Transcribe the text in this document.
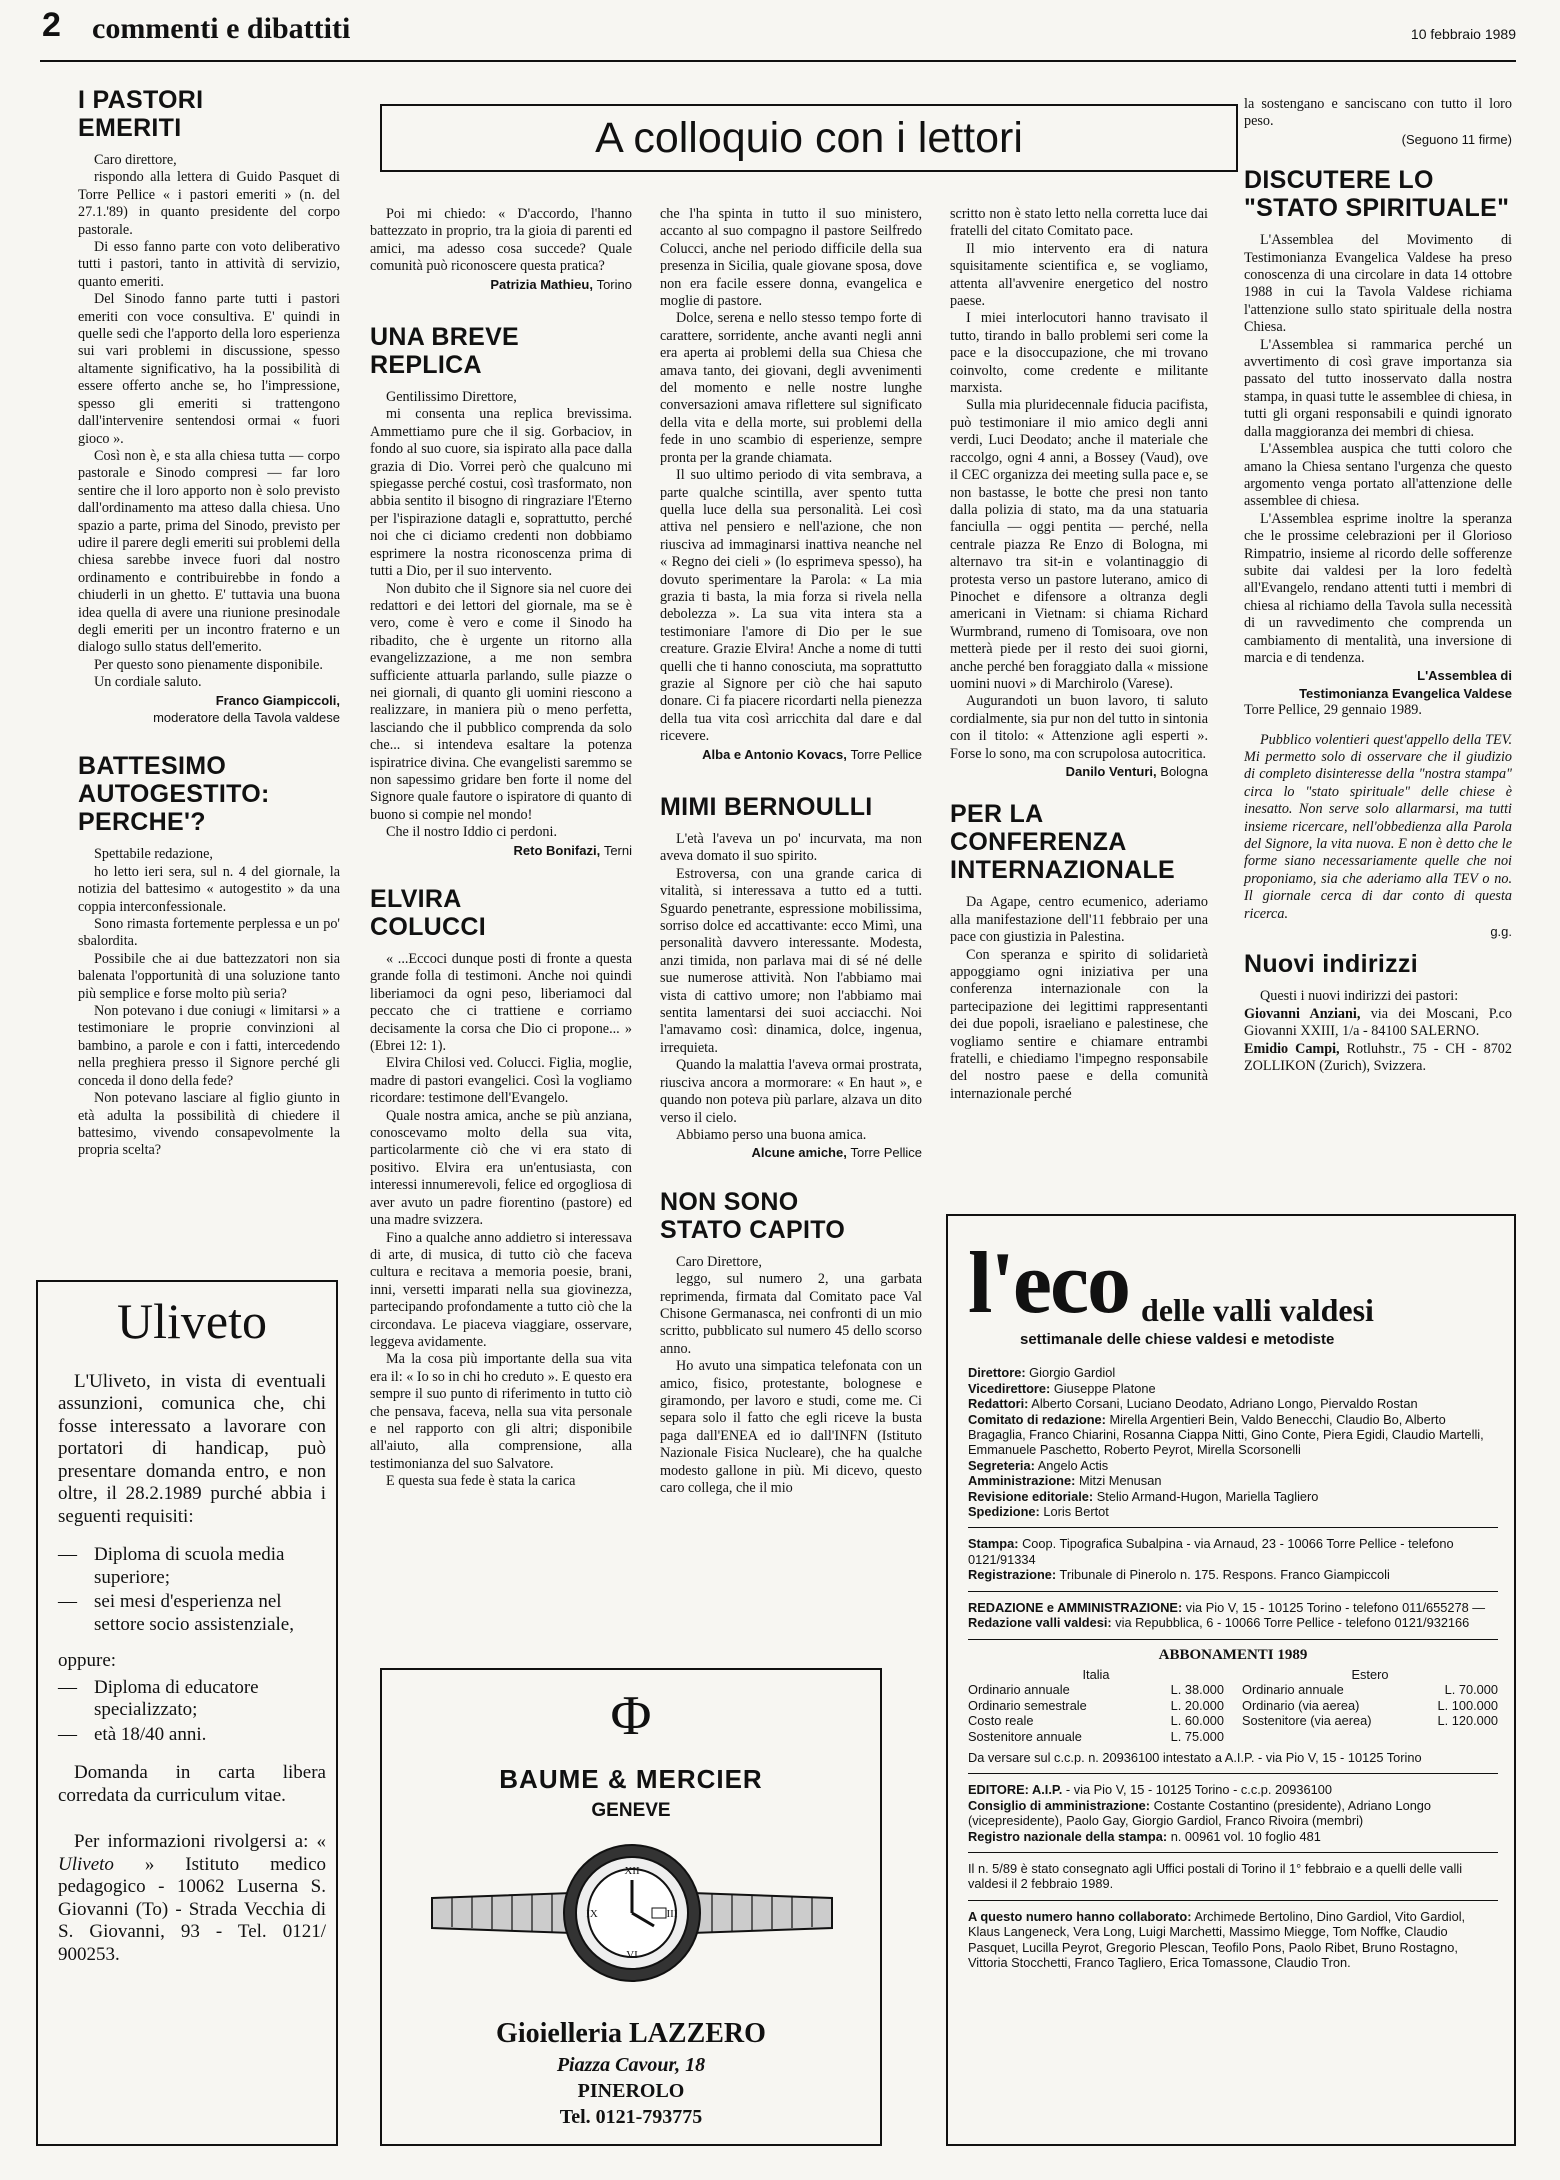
2 commenti e dibattiti	10 febbraio 1989
A colloquio con i lettori
I PASTORI EMERITI

Caro direttore,

rispondo alla lettera di Guido Pasquet di Torre Pellice « i pastori emeriti » (n. del 27.1.'89) in quanto presidente del corpo pastorale.

Di esso fanno parte con voto deliberativo tutti i pastori, tanto in attività di servizio, quanto emeriti.

Del Sinodo fanno parte tutti i pastori emeriti con voce consultiva. E' quindi in quelle sedi che l'apporto della loro esperienza sui vari problemi in discussione, spesso altamente significativo, ha la possibilità di essere offerto anche se, ho l'impressione, spesso gli emeriti si trattengono dall'intervenire sentendosi ormai « fuori gioco ».

Così non è, e sta alla chiesa tutta — corpo pastorale e Sinodo compresi — far loro sentire che il loro apporto non è solo previsto dall'ordinamento ma atteso dalla chiesa. Uno spazio a parte, prima del Sinodo, previsto per udire il parere degli emeriti sui problemi della chiesa sarebbe invece fuori dal nostro ordinamento e contribuirebbe in fondo a chiuderli in un ghetto. E' tuttavia una buona idea quella di avere una riunione presinodale degli emeriti per un incontro fraterno e un dialogo sullo status dell'emerito.

Per questo sono pienamente disponibile.

Un cordiale saluto.

Franco Giampiccoli,
moderatore della Tavola valdese
BATTESIMO AUTOGESTITO: PERCHE'?

Spettabile redazione,

ho letto ieri sera, sul n. 4 del giornale, la notizia del battesimo « autogestito » da una coppia interconfessionale.

Sono rimasta fortemente perplessa e un po' sbalordita.

Possibile che ai due battezzatori non sia balenata l'opportunità di una soluzione tanto più semplice e forse molto più seria?

Non potevano i due coniugi « limitarsi » a testimoniare le proprie convinzioni al bambino, a parole e con i fatti, intercedendo nella preghiera presso il Signore perché gli conceda il dono della fede?

Non potevano lasciare al figlio giunto in età adulta la possibilità di chiedere il battesimo, vivendo consapevolmente la propria scelta?

Uliveto

L'Uliveto, in vista di eventuali assunzioni, comunica che, chi fosse interessato a lavorare con portatori di handicap, può presentare domanda entro, e non oltre, il 28.2.1989 purché abbia i seguenti requisiti:

— Diploma di scuola media superiore;
— sei mesi d'esperienza nel settore socio assistenziale,

oppure:

— Diploma di educatore specializzato;
— età 18/40 anni.

Domanda in carta libera corredata da curriculum vitae.

Per informazioni rivolgersi a: « Uliveto » Istituto medico pedagogico - 10062 Luserna S. Giovanni (To) - Strada Vecchia di S. Giovanni, 93 - Tel. 0121/ 900253.

Poi mi chiedo: « D'accordo, l'hanno battezzato in proprio, tra la gioia di parenti ed amici, ma adesso cosa succede? Quale comunità può riconoscere questa pratica?

Patrizia Mathieu, Torino
UNA BREVE REPLICA

Gentilissimo Direttore,

mi consenta una replica brevissima. Ammettiamo pure che il sig. Gorbaciov, in fondo al suo cuore, sia ispirato alla pace dalla grazia di Dio. Vorrei però che qualcuno mi spiegasse perché costui, così trasformato, non abbia sentito il bisogno di ringraziare l'Eterno per l'ispirazione datagli e, soprattutto, perché noi che ci diciamo credenti non dobbiamo esprimere la nostra riconoscenza prima di tutti a Dio, per il suo intervento.

Non dubito che il Signore sia nel cuore dei redattori e dei lettori del giornale, ma se è vero, come è vero e come il Sinodo ha ribadito, che è urgente un ritorno alla evangelizzazione, a me non sembra sufficiente attuarla parlando, sulle piazze o nei giornali, di quanto gli uomini riescono a realizzare, in maniera più o meno perfetta, lasciando che il pubblico comprenda da solo che... si intendeva esaltare la potenza ispiratrice divina. Che evangelisti saremmo se non sapessimo gridare ben forte il nome del Signore quale fautore o ispiratore di quanto di buono si compie nel mondo!

Che il nostro Iddio ci perdoni.

Reto Bonifazi, Terni
ELVIRA COLUCCI

« ...Eccoci dunque posti di fronte a questa grande folla di testimoni. Anche noi quindi liberiamoci da ogni peso, liberiamoci dal peccato che ci trattiene e corriamo decisamente la corsa che Dio ci propone... » (Ebrei 12: 1).

Elvira Chilosi ved. Colucci. Figlia, moglie, madre di pastori evangelici. Così la vogliamo ricordare: testimone dell'Evangelo.

Quale nostra amica, anche se più anziana, conoscevamo molto della sua vita, particolarmente ciò che vi era stato di positivo. Elvira era un'entusiasta, con interessi innumerevoli, felice ed orgogliosa di aver avuto un padre fiorentino (pastore) ed una madre svizzera.

Fino a qualche anno addietro si interessava di arte, di musica, di tutto ciò che faceva cultura e recitava a memoria poesie, brani, inni, versetti imparati nella sua giovinezza, partecipando profondamente a tutto ciò che la circondava. Le piaceva viaggiare, osservare, leggeva avidamente.

Ma la cosa più importante della sua vita era il: « Io so in chi ho creduto ». E questo era sempre il suo punto di riferimento in tutto ciò che pensava, faceva, nella sua vita personale e nel rapporto con gli altri; disponibile all'aiuto, alla comprensione, alla testimonianza del suo Salvatore.

E questa sua fede è stata la carica

che l'ha spinta in tutto il suo ministero, accanto al suo compagno il pastore Seilfredo Colucci, anche nel periodo difficile della sua presenza in Sicilia, quale giovane sposa, dove non era facile essere donna, evangelica e moglie di pastore.

Dolce, serena e nello stesso tempo forte di carattere, sorridente, anche avanti negli anni era aperta ai problemi della sua Chiesa che amava tanto, dei giovani, degli avvenimenti del momento e nelle nostre lunghe conversazioni amava riflettere sul significato della vita e della morte, sui problemi della fede in uno scambio di esperienze, sempre pronta per la grande chiamata.

Il suo ultimo periodo di vita sembrava, a parte qualche scintilla, aver spento tutta quella luce della sua personalità. Lei così attiva nel pensiero e nell'azione, che non riusciva ad immaginarsi inattiva neanche nel « Regno dei cieli » (lo esprimeva spesso), ha dovuto sperimentare la Parola: « La mia grazia ti basta, la mia forza si rivela nella debolezza ». La sua vita intera sta a testimoniare l'amore di Dio per le sue creature. Grazie Elvira! Anche a nome di tutti quelli che ti hanno conosciuta, ma soprattutto grazie al Signore per ciò che hai saputo donare. Ci fa piacere ricordarti nella pienezza della tua vita così arricchita dal dare e dal ricevere.

Alba e Antonio Kovacs, Torre Pellice
MIMI BERNOULLI

L'età l'aveva un po' incurvata, ma non aveva domato il suo spirito.

Estroversa, con una grande carica di vitalità, si interessava a tutto ed a tutti. Sguardo penetrante, espressione mobilissima, sorriso dolce ed accattivante: ecco Mimì, una personalità davvero interessante. Modesta, anzi timida, non parlava mai di sé né delle sue numerose attività. Non l'abbiamo mai vista di cattivo umore; non l'abbiamo mai sentita lamentarsi dei suoi acciacchi. Noi l'amavamo così: dinamica, dolce, ingenua, irrequieta.

Quando la malattia l'aveva ormai prostrata, riusciva ancora a mormorare: « En haut », e quando non poteva più parlare, alzava un dito verso il cielo.

Abbiamo perso una buona amica.

Alcune amiche, Torre Pellice
NON SONO STATO CAPITO

Caro Direttore,

leggo, sul numero 2, una garbata reprimenda, firmata dal Comitato pace Val Chisone Germanasca, nei confronti di un mio scritto, pubblicato sul numero 45 dello scorso anno.

Ho avuto una simpatica telefonata con un amico, fisico, protestante, bolognese e giramondo, per lavoro e studi, come me. Ci separa solo il fatto che egli riceve la busta paga dall'ENEA ed io dall'INFN (Istituto Nazionale Fisica Nucleare), che ha qualche modesto gallone in più. Mi dicevo, questo caro collega, che il mio

scritto non è stato letto nella corretta luce dai fratelli del citato Comitato pace.

Il mio intervento era di natura squisitamente scientifica e, se vogliamo, attenta all'avvenire energetico del nostro paese.

I miei interlocutori hanno travisato il tutto, tirando in ballo problemi seri come la pace e la disoccupazione, che mi trovano coinvolto, come credente e militante marxista.

Sulla mia pluridecennale fiducia pacifista, può testimoniare il mio amico degli anni verdi, Luci Deodato; anche il materiale che raccolgo, ogni 4 anni, a Bossey (Vaud), ove il CEC organizza dei meeting sulla pace e, se non bastasse, le botte che presi non tanto dalla polizia di stato, ma da una statuaria fanciulla — oggi pentita — perché, nella centrale piazza Re Enzo di Bologna, mi alternavo tra sit-in e volantinaggio di protesta verso un pastore luterano, amico di Pinochet e difensore a oltranza degli americani in Vietnam: si chiama Richard Wurmbrand, rumeno di Tomisoara, ove non metterà piede per il resto dei suoi giorni, anche perché ben foraggiato dalla « missione uomini nuovi » di Marchirolo (Varese).

Augurandoti un buon lavoro, ti saluto cordialmente, sia pur non del tutto in sintonia con il titolo: « Attenzione agli esperti ». Forse lo sono, ma con scrupolosa autocritica.

Danilo Venturi, Bologna
PER LA CONFERENZA INTERNAZIONALE

Da Agape, centro ecumenico, aderiamo alla manifestazione dell'11 febbraio per una pace con giustizia in Palestina.

Con speranza e spirito di solidarietà appoggiamo ogni iniziativa per una conferenza internazionale con la partecipazione dei legittimi rappresentanti dei due popoli, israeliano e palestinese, che vogliamo sentire e chiamare entrambi fratelli, e chiediamo l'impegno responsabile del nostro paese e della comunità internazionale perché

la sostengano e sanciscano con tutto il loro peso.

(Seguono 11 firme)
DISCUTERE LO "STATO SPIRITUALE"

L'Assemblea del Movimento di Testimonianza Evangelica Valdese ha preso conoscenza di una circolare in data 14 ottobre 1988 in cui la Tavola Valdese richiama l'attenzione sullo stato spirituale della nostra Chiesa.

L'Assemblea si rammarica perché un avvertimento di così grave importanza sia passato del tutto inosservato dalla nostra stampa, in quasi tutte le assemblee di chiesa, in tutti gli organi responsabili e quindi ignorato dalla maggioranza dei membri di chiesa.

L'Assemblea auspica che tutti coloro che amano la Chiesa sentano l'urgenza che questo argomento venga portato all'attenzione delle assemblee di chiesa.

L'Assemblea esprime inoltre la speranza che le prossime celebrazioni per il Glorioso Rimpatrio, insieme al ricordo delle sofferenze subite dai valdesi per la loro fedeltà all'Evangelo, rendano attenti tutti i membri di chiesa al richiamo della Tavola sulla necessità di un ravvedimento che comprenda un cambiamento di mentalità, una inversione di marcia e di tendenza.

L'Assemblea di
Testimonianza Evangelica Valdese

Torre Pellice, 29 gennaio 1989.

Pubblico volentieri quest'appello della TEV. Mi permetto solo di osservare che il giudizio di completo disinteresse della "nostra stampa" circa lo "stato spirituale" delle chiese è inesatto. Non serve solo allarmarsi, ma tutti insieme ricercare, nell'obbedienza alla Parola del Signore, la vita nuova. E non è detto che le forme siano necessariamente quelle che noi proponiamo, sia che aderiamo alla TEV o no. Il giornale cerca di dar conto di questa ricerca.

g.g.
Nuovi indirizzi

Questi i nuovi indirizzi dei pastori:

Giovanni Anziani, via dei Moscani, P.co Giovanni XXIII, 1/a - 84100 SALERNO.

Emidio Campi, Rotluhstr., 75 - CH - 8702 ZOLLIKON (Zurich), Svizzera.

Φ
BAUME & MERCIER
GENEVE
XII
III
VI
IX
Gioielleria LAZZERO
Piazza Cavour, 18
PINEROLO
Tel. 0121-793775
l'eco delle valli valdesi
settimanale delle chiese valdesi e metodiste
Direttore: Giorgio Gardiol
Vicedirettore: Giuseppe Platone
Redattori: Alberto Corsani, Luciano Deodato, Adriano Longo, Piervaldo Rostan
Comitato di redazione: Mirella Argentieri Bein, Valdo Benecchi, Claudio Bo, Alberto Bragaglia, Franco Chiarini, Rosanna Ciappa Nitti, Gino Conte, Piera Egidi, Claudio Martelli, Emmanuele Paschetto, Roberto Peyrot, Mirella Scorsonelli
Segreteria: Angelo Actis
Amministrazione: Mitzi Menusan
Revisione editoriale: Stelio Armand-Hugon, Mariella Tagliero
Spedizione: Loris Bertot
Stampa: Coop. Tipografica Subalpina - via Arnaud, 23 - 10066 Torre Pellice - telefono 0121/91334
Registrazione: Tribunale di Pinerolo n. 175. Respons. Franco Giampiccoli
REDAZIONE e AMMINISTRAZIONE: via Pio V, 15 - 10125 Torino - telefono 011/655278 — Redazione valli valdesi: via Repubblica, 6 - 10066 Torre Pellice - telefono 0121/932166
ABBONAMENTI 1989
Italia
Ordinario annuale	L. 38.000
Ordinario semestrale	L. 20.000
Costo reale	L. 60.000
Sostenitore annuale	L. 75.000
Estero
Ordinario annuale	L. 70.000
Ordinario (via aerea)	L. 100.000
Sostenitore (via aerea)	L. 120.000
Da versare sul c.c.p. n. 20936100 intestato a A.I.P. - via Pio V, 15 - 10125 Torino
EDITORE: A.I.P. - via Pio V, 15 - 10125 Torino - c.c.p. 20936100
Consiglio di amministrazione: Costante Costantino (presidente), Adriano Longo (vicepresidente), Paolo Gay, Giorgio Gardiol, Franco Rivoira (membri)
Registro nazionale della stampa: n. 00961 vol. 10 foglio 481
Il n. 5/89 è stato consegnato agli Uffici postali di Torino il 1° febbraio e a quelli delle valli valdesi il 2 febbraio 1989.
A questo numero hanno collaborato: Archimede Bertolino, Dino Gardiol, Vito Gardiol, Klaus Langeneck, Vera Long, Luigi Marchetti, Massimo Miegge, Tom Noffke, Claudio Pasquet, Lucilla Peyrot, Gregorio Plescan, Teofilo Pons, Paolo Ribet, Bruno Rostagno, Vittoria Stocchetti, Franco Tagliero, Erica Tomassone, Claudio Tron.
